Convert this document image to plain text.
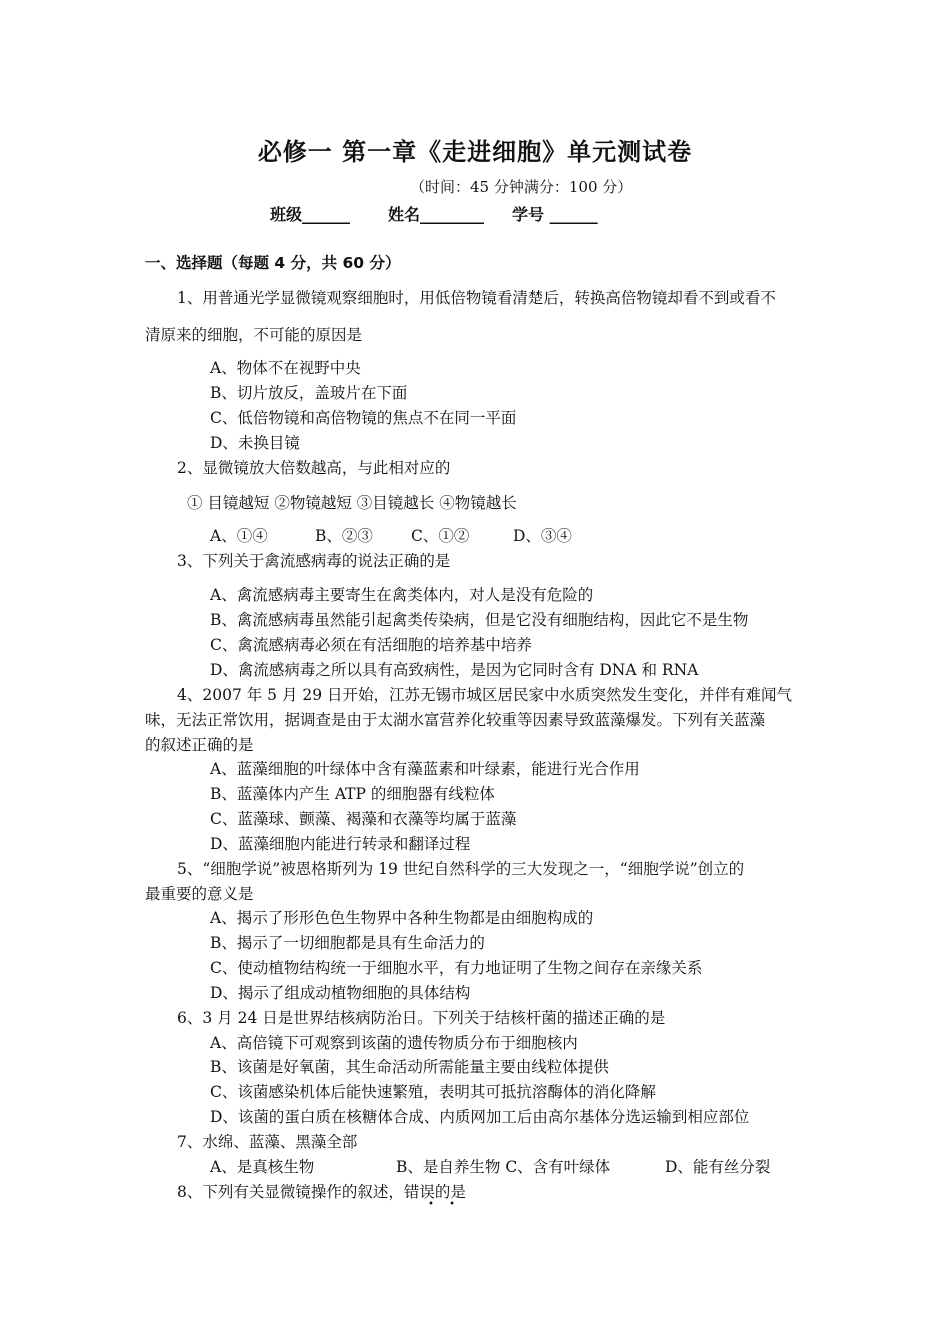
必修一 第一章《走进细胞》单元测试卷
（时间：45 分钟满分：100 分）
班级______ 姓名________ 学号 ______
一、选择题（每题 4 分，共 60 分）
1、用普通光学显微镜观察细胞时，用低倍物镜看清楚后，转换高倍物镜却看不到或看不
清原来的细胞，不可能的原因是
A、物体不在视野中央
B、切片放反，盖玻片在下面
C、低倍物镜和高倍物镜的焦点不在同一平面
D、未换目镜
2、显微镜放大倍数越高，与此相对应的
① 目镜越短 ②物镜越短 ③目镜越长 ④物镜越长
A、①④	B、②③ C、①②	D、③④
3、下列关于禽流感病毒的说法正确的是
A、禽流感病毒主要寄生在禽类体内，对人是没有危险的
B、禽流感病毒虽然能引起禽类传染病，但是它没有细胞结构，因此它不是生物
C、禽流感病毒必须在有活细胞的培养基中培养
D、禽流感病毒之所以具有高致病性，是因为它同时含有 DNA 和 RNA
4、2007 年 5 月 29 日开始，江苏无锡市城区居民家中水质突然发生变化，并伴有难闻气
味，无法正常饮用，据调查是由于太湖水富营养化较重等因素导致蓝藻爆发。下列有关蓝藻
的叙述正确的是
A、蓝藻细胞的叶绿体中含有藻蓝素和叶绿素，能进行光合作用
B、蓝藻体内产生 ATP 的细胞器有线粒体
C、蓝藻球、颤藻、褐藻和衣藻等均属于蓝藻
D、蓝藻细胞内能进行转录和翻译过程
5、“细胞学说”被恩格斯列为 19 世纪自然科学的三大发现之一，“细胞学说”创立的
最重要的意义是
A、揭示了形形色色生物界中各种生物都是由细胞构成的
B、揭示了一切细胞都是具有生命活力的
C、使动植物结构统一于细胞水平，有力地证明了生物之间存在亲缘关系
D、揭示了组成动植物细胞的具体结构
6、3 月 24 日是世界结核病防治日。下列关于结核杆菌的描述正确的是
A、高倍镜下可观察到该菌的遗传物质分布于细胞核内
B、该菌是好氧菌，其生命活动所需能量主要由线粒体提供
C、该菌感染机体后能快速繁殖，表明其可抵抗溶酶体的消化降解
D、该菌的蛋白质在核糖体合成、内质网加工后由高尔基体分选运输到相应部位
7、水绵、蓝藻、黑藻全部
A、是真核生物	B、是自养生物 C、含有叶绿体	D、能有丝分裂
8、下列有关显微镜操作的叙述，错误的是
• •
